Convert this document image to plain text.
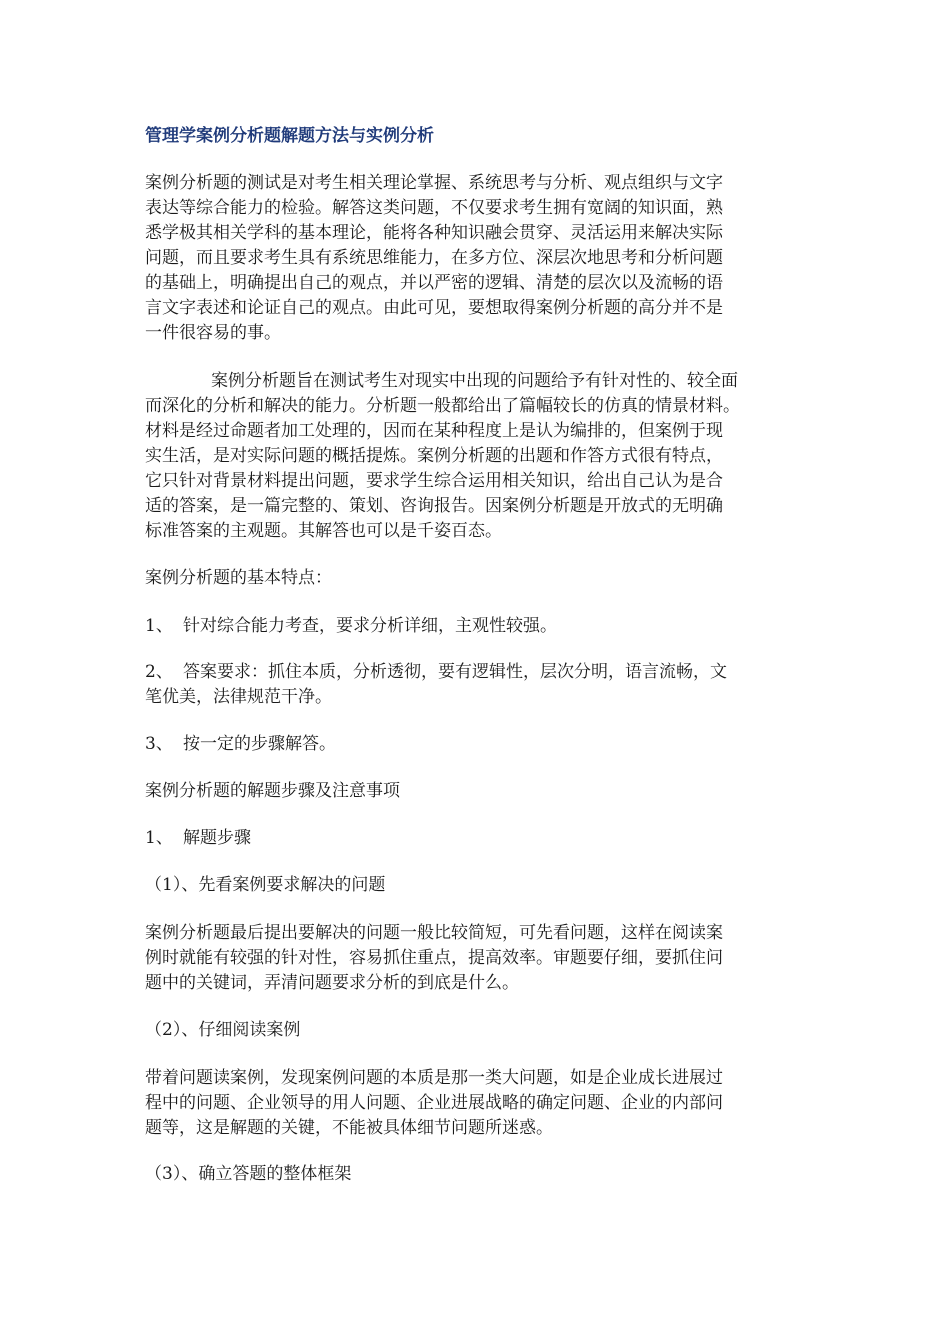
管理学案例分析题解题方法与实例分析
案例分析题的测试是对考生相关理论掌握、系统思考与分析、观点组织与文字
表达等综合能力的检验。解答这类问题，不仅要求考生拥有宽阔的知识面，熟
悉学极其相关学科的基本理论，能将各种知识融会贯穿、灵活运用来解决实际
问题，而且要求考生具有系统思维能力，在多方位、深层次地思考和分析问题
的基础上，明确提出自己的观点，并以严密的逻辑、清楚的层次以及流畅的语
言文字表述和论证自己的观点。由此可见，要想取得案例分析题的高分并不是
一件很容易的事。
案例分析题旨在测试考生对现实中出现的问题给予有针对性的、较全面
而深化的分析和解决的能力。分析题一般都给出了篇幅较长的仿真的情景材料。
材料是经过命题者加工处理的，因而在某种程度上是认为编排的，但案例于现
实生活，是对实际问题的概括提炼。案例分析题的出题和作答方式很有特点，
它只针对背景材料提出问题，要求学生综合运用相关知识，给出自己认为是合
适的答案，是一篇完整的、策划、咨询报告。因案例分析题是开放式的无明确
标准答案的主观题。其解答也可以是千姿百态。
案例分析题的基本特点：
1、 针对综合能力考查，要求分析详细，主观性较强。
2、 答案要求：抓住本质，分析透彻，要有逻辑性，层次分明，语言流畅，文
笔优美，法律规范干净。
3、 按一定的步骤解答。
案例分析题的解题步骤及注意事项
1、 解题步骤
（1）、先看案例要求解决的问题
案例分析题最后提出要解决的问题一般比较简短，可先看问题，这样在阅读案
例时就能有较强的针对性，容易抓住重点，提高效率。审题要仔细，要抓住问
题中的关键词，弄清问题要求分析的到底是什么。
（2）、仔细阅读案例
带着问题读案例，发现案例问题的本质是那一类大问题，如是企业成长进展过
程中的问题、企业领导的用人问题、企业进展战略的确定问题、企业的内部问
题等，这是解题的关键，不能被具体细节问题所迷惑。
（3）、确立答题的整体框架
